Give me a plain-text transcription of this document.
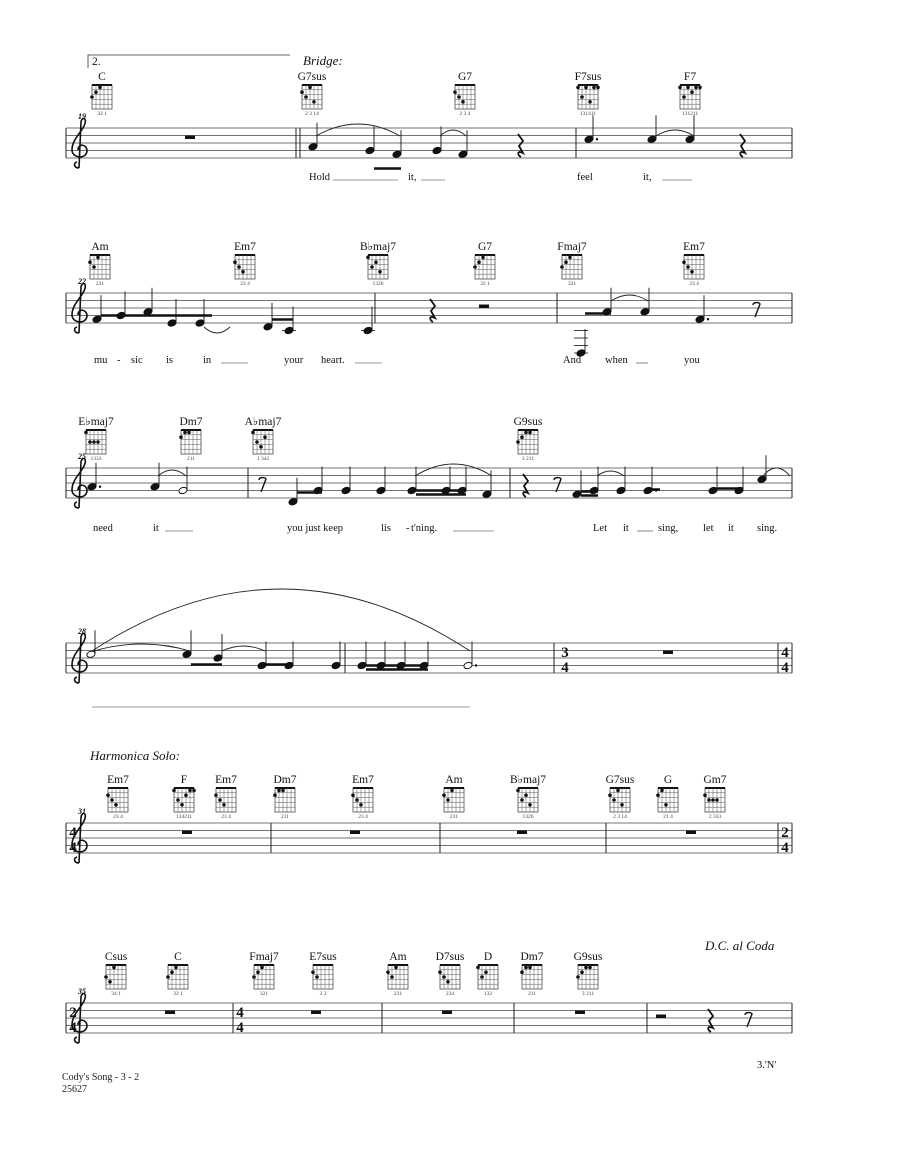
19
22
25
28
31
35
2.	Bridge:
Harmonica Solo:
D.C. al Coda
3.'N'
C
32 1
G7sus
2 3 14
G7
2 3 4
F7sus
131411
F7
131211
Am
231
Em7
23 4
B♭maj7
1326
G7
32 1
Fmaj7
321
Em7
23 4
E♭maj7
1333
Dm7
211
A♭maj7
1 342
G9sus
3 211
Em7
23 4
F
134211
Em7
23 4
Dm7
211
Em7
23 4
Am
231
B♭maj7
1326
G7sus
2 3 14
G
21 4
Gm7
2 333
Csus
34 1
C
32 1
Fmaj7
321
E7sus
2 3
Am
231
D7sus
234
D
132
Dm7
211
G9sus
3 211
3
4
4
4
4
4
2
4
2
4
4
4
Hold	it,	feel	it,
mu - sic is	in	your heart.	And when	you
need	it	you just keep	lis - t'ning.	Let it	sing, let it sing.
Cody's Song - 3 - 2
25627
